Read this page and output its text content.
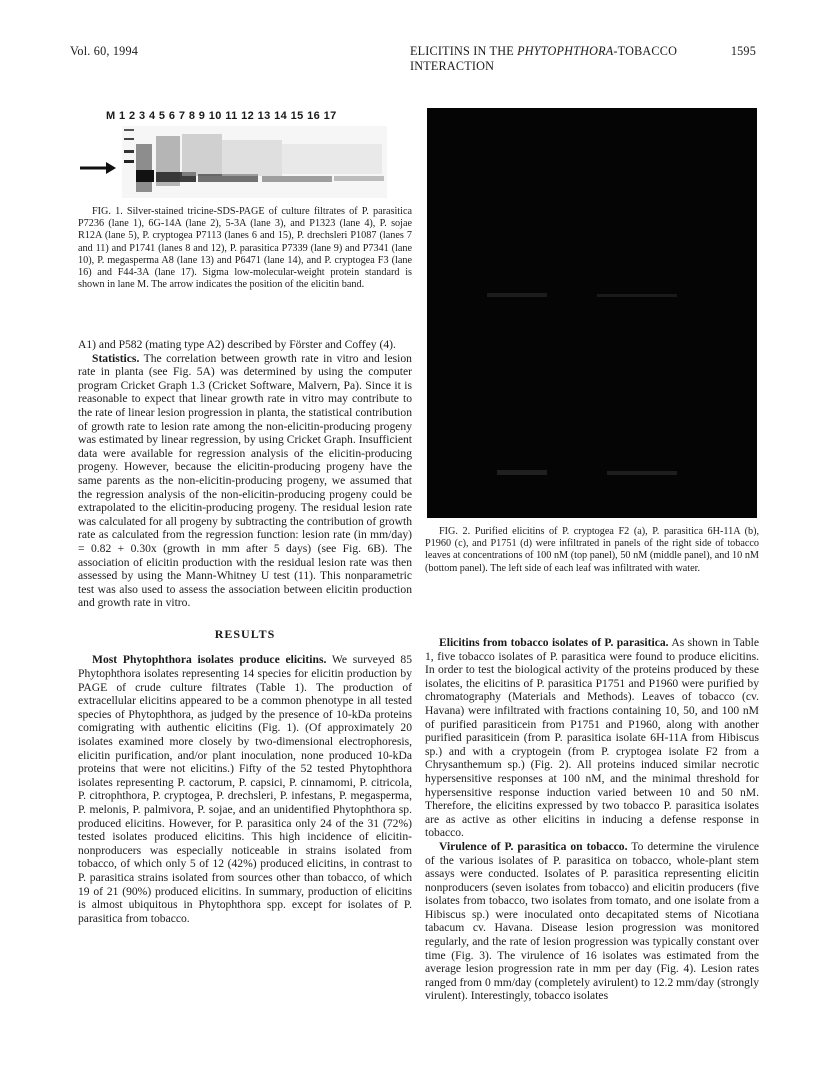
Vol. 60, 1994	ELICITINS IN THE PHYTOPHTHORA-TOBACCO INTERACTION
1595
M 1 2 3 4 5 6 7 8 9 10 11 12 13 14 15 16 17

FIG. 1. Silver-stained tricine-SDS-PAGE of culture filtrates of P. parasitica P7236 (lane 1), 6G-14A (lane 2), 5-3A (lane 3), and P1323 (lane 4), P. sojae R12A (lane 5), P. cryptogea P7113 (lanes 6 and 15), P. drechsleri P1087 (lanes 7 and 11) and P1741 (lanes 8 and 12), P. parasitica P7339 (lane 9) and P7341 (lane 10), P. megasperma A8 (lane 13) and P6471 (lane 14), and P. cryptogea F3 (lane 16) and F44-3A (lane 17). Sigma low-molecular-weight protein standard is shown in lane M. The arrow indicates the position of the elicitin band.

A1) and P582 (mating type A2) described by Förster and Coffey (4).

Statistics. The correlation between growth rate in vitro and lesion rate in planta (see Fig. 5A) was determined by using the computer program Cricket Graph 1.3 (Cricket Software, Malvern, Pa). Since it is reasonable to expect that linear growth rate in vitro may contribute to the rate of linear lesion progression in planta, the statistical contribution of growth rate to lesion rate among the non-elicitin-producing progeny was estimated by linear regression, by using Cricket Graph. Insufficient data were available for regression analysis of the elicitin-producing progeny. However, because the elicitin-producing progeny have the same parents as the non-elicitin-producing progeny, we assumed that the regression analysis of the non-elicitin-producing progeny could be extrapolated to the elicitin-producing progeny. The residual lesion rate was calculated for all progeny by subtracting the contribution of growth rate as calculated from the regression function: lesion rate (in mm/day) = 0.82 + 0.30x (growth in mm after 5 days) (see Fig. 6B). The association of elicitin production with the residual lesion rate was then assessed by using the Mann-Whitney U test (11). This nonparametric test was also used to assess the association between elicitin production and growth rate in vitro.

RESULTS

Most Phytophthora isolates produce elicitins. We surveyed 85 Phytophthora isolates representing 14 species for elicitin production by PAGE of crude culture filtrates (Table 1). The production of extracellular elicitins appeared to be a common phenotype in all tested species of Phytophthora, as judged by the presence of 10-kDa proteins comigrating with authentic elicitins (Fig. 1). (Of approximately 20 isolates examined more closely by two-dimensional electrophoresis, elicitin purification, and/or plant inoculation, none produced 10-kDa proteins that were not elicitins.) Fifty of the 52 tested Phytophthora isolates representing P. cactorum, P. capsici, P. cinnamomi, P. citricola, P. citrophthora, P. cryptogea, P. drechsleri, P. infestans, P. megasperma, P. melonis, P. palmivora, P. sojae, and an unidentified Phytophthora sp. produced elicitins. However, for P. parasitica only 24 of the 31 (72%) tested isolates produced elicitins. This high incidence of elicitin-nonproducers was especially noticeable in strains isolated from tobacco, of which only 5 of 12 (42%) produced elicitins, in contrast to P. parasitica strains isolated from sources other than tobacco, of which 19 of 21 (90%) produced elicitins. In summary, production of elicitins is almost ubiquitous in Phytophthora spp. except for isolates of P. parasitica from tobacco.

FIG. 2. Purified elicitins of P. cryptogea F2 (a), P. parasitica 6H-11A (b), P1960 (c), and P1751 (d) were infiltrated in panels of the right side of tobacco leaves at concentrations of 100 nM (top panel), 50 nM (middle panel), and 10 nM (bottom panel). The left side of each leaf was infiltrated with water.

Elicitins from tobacco isolates of P. parasitica. As shown in Table 1, five tobacco isolates of P. parasitica were found to produce elicitins. In order to test the biological activity of the proteins produced by these isolates, the elicitins of P. parasitica P1751 and P1960 were purified by chromatography (Materials and Methods). Leaves of tobacco (cv. Havana) were infiltrated with fractions containing 10, 50, and 100 nM of purified parasiticein from P1751 and P1960, along with another purified parasiticein (from P. parasitica isolate 6H-11A from Hibiscus sp.) and with a cryptogein (from P. cryptogea isolate F2 from a Chrysanthemum sp.) (Fig. 2). All proteins induced similar necrotic hypersensitive responses at 100 nM, and the minimal threshold for hypersensitive response induction varied between 10 and 50 nM. Therefore, the elicitins expressed by two tobacco P. parasitica isolates are as active as other elicitins in inducing a defense response in tobacco.

Virulence of P. parasitica on tobacco. To determine the virulence of the various isolates of P. parasitica on tobacco, whole-plant stem assays were conducted. Isolates of P. parasitica representing elicitin nonproducers (seven isolates from tobacco) and elicitin producers (five isolates from tobacco, two isolates from tomato, and one isolate from a Hibiscus sp.) were inoculated onto decapitated stems of Nicotiana tabacum cv. Havana. Disease lesion progression was monitored regularly, and the rate of lesion progression was typically constant over time (Fig. 3). The virulence of 16 isolates was estimated from the average lesion progression rate in mm per day (Fig. 4). Lesion rates ranged from 0 mm/day (completely avirulent) to 12.2 mm/day (strongly virulent). Interestingly, tobacco isolates
